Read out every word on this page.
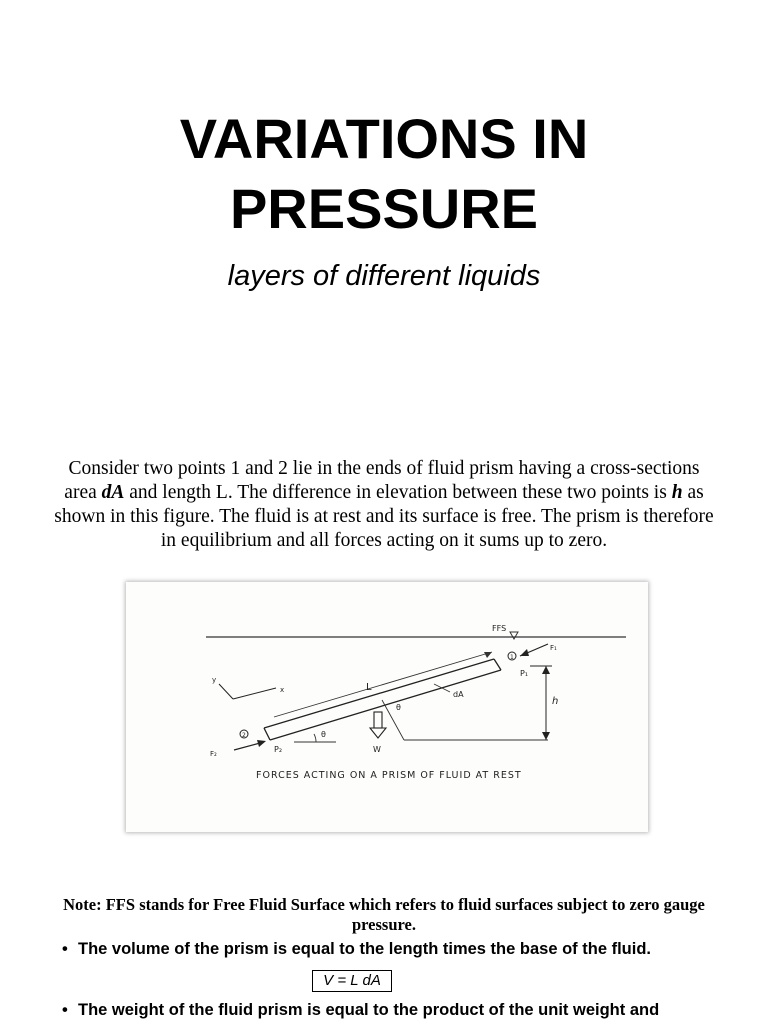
VARIATIONS IN
PRESSURE
layers of different liquids
Consider two points 1 and 2 lie in the ends of fluid prism having a cross-sections area dA and length L. The difference in elevation between these two points is h as shown in this figure. The fluid is at rest and its surface is free. The prism is therefore in equilibrium and all forces acting on it sums up to zero.
FFS
L
dA
1
F₁
P₁
2
F₂	P₂
θ
W
θ
h
y
x
FORCES ACTING ON A PRISM OF FLUID AT REST
Note: FFS stands for Free Fluid Surface which refers to fluid surfaces subject to zero gauge pressure.
• The volume of the prism is equal to the length times the base of the fluid.
V = L dA
• The weight of the fluid prism is equal to the product of the unit weight and
